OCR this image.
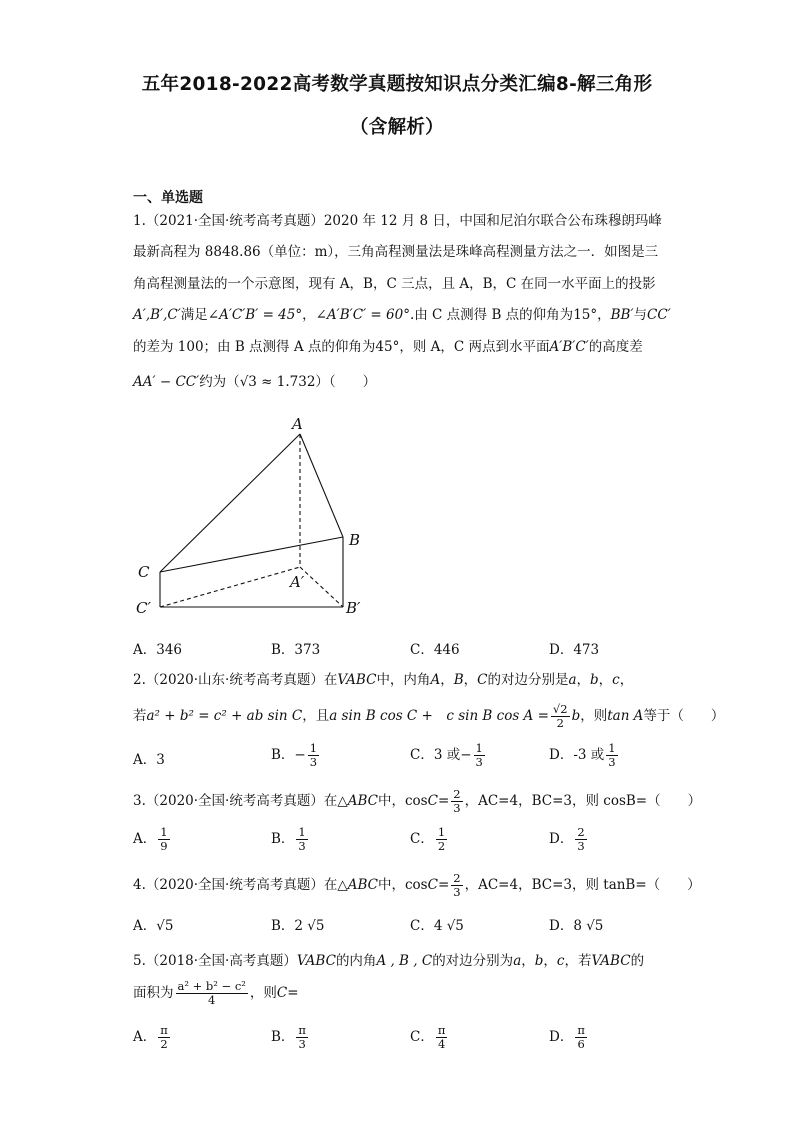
五年2018-2022高考数学真题按知识点分类汇编8-解三角形
（含解析）
一、单选题
1.（2021·全国·统考高考真题）2020 年 12 月 8 日，中国和尼泊尔联合公布珠穆朗玛峰
最新高程为 8848.86（单位：m），三角高程测量法是珠峰高程测量方法之一．如图是三
角高程测量法的一个示意图，现有 A，B，C 三点，且 A，B，C 在同一水平面上的投影
A′,B′,C′满足∠A′C′B′ = 45°，∠A′B′C′ = 60°.由 C 点测得 B 点的仰角为15°，BB′与CC′
的差为 100；由 B 点测得 A 点的仰角为45°，则 A，C 两点到水平面A′B′C′的高度差
AA′ − CC′约为（√3 ≈ 1.732）（　　）
A
B
C
A′
B′
C′
A．346	B．373	C．446	D．473
2.（2020·山东·统考高考真题）在VABC中，内角A，B，C的对边分别是a，b，c，
若a² + b² = c² + ab sin C，且a sin B cos C +　c sin B $\cos A = \frac{√2}{2}$ b，则tan A等于（　　）
A．3	B．− $\frac{1}{3}$	C．3 或− $\frac{1}{3}$	D．-3 或 $\frac{1}{3}$
3.（2020·全国·统考高考真题）在△ABC中，$\cos C= \frac{2}{3}$ ，AC=4，BC=3，则 cosB=（　　）
A． $\frac{1}{9}$	B． $\frac{1}{3}$	C． $\frac{1}{2}$	D． $\frac{2}{3}$
4.（2020·全国·统考高考真题）在△ABC中，$\cos C= \frac{2}{3}$ ，AC=4，BC=3，则 tanB=（　　）
A．√5	B．2 √5	C．4 √5	D．8 √5
5.（2018·全国·高考真题）VABC的内角A , B , C的对边分别为a，b，c，若VABC的
面积为 $\frac{\text{a² + b² − c²}}{4}$ ，则C=
A． $\frac{\pi}{2}$	B． $\frac{\pi}{3}$	C． $\frac{\pi}{4}$	D． $\frac{\pi}{6}$
